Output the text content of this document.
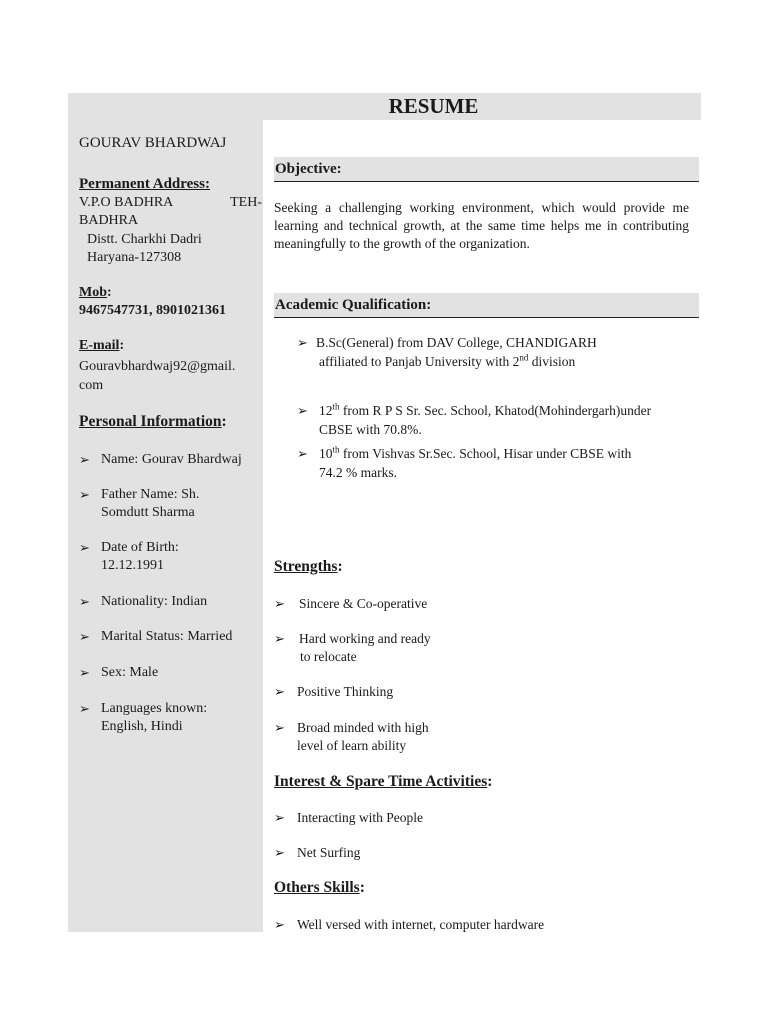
RESUME
GOURAV BHARDWAJ
Permanent Address:
V.P.O BADHRA	TEH-
BADHRA
Distt. Charkhi Dadri
Haryana-127308
Mob:
9467547731, 8901021361
E-mail:
Gouravbhardwaj92@gmail.
com
Personal Information:
➢ Name: Gourav Bhardwaj
➢ Father Name: Sh.
Somdutt Sharma
➢ Date of Birth:
12.12.1991
➢ Nationality: Indian
➢ Marital Status: Married
➢ Sex: Male
➢ Languages known:
English, Hindi
Objective:
Seeking a challenging working environment, which would provide me learning and technical growth, at the same time helps me in contributing meaningfully to the growth of the organization.
Academic Qualification:
➢ B.Sc(General) from DAV College, CHANDIGARH
affiliated to Panjab University with 2nd division
➢ 12th from R P S Sr. Sec. School, Khatod(Mohindergarh)under
CBSE with 70.8%.
➢ 10th from Vishvas Sr.Sec. School, Hisar under CBSE with
74.2 % marks.
Strengths:
➢ Sincere & Co-operative
➢ Hard working and ready
to relocate
➢ Positive Thinking
➢ Broad minded with high
level of learn ability
Interest & Spare Time Activities:
➢ Interacting with People
➢ Net Surfing
Others Skills:
➢ Well versed with internet, computer hardware
